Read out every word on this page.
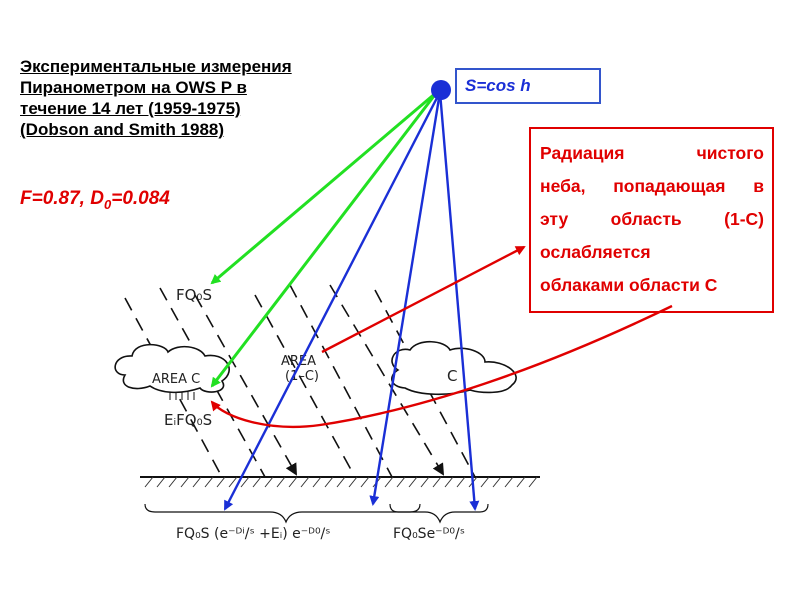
Экспериментальные измерения
Пиранометром на OWS P в
течение 14 лет (1959-1975)
(Dobson and Smith 1988)
F=0.87, $D_0=0.084$
S=cos h
Радиация чистого
неба, попадающая в
эту область (1-С)
ослабляется
облаками области С
FQ₀S
AREA C
AREA
(1–C)	C
EᵢFQ₀S
FQ₀S (e⁻ᴰⁱ/ˢ +Eᵢ) e⁻ᴰ⁰/ˢ	FQ₀Se⁻ᴰ⁰/ˢ
